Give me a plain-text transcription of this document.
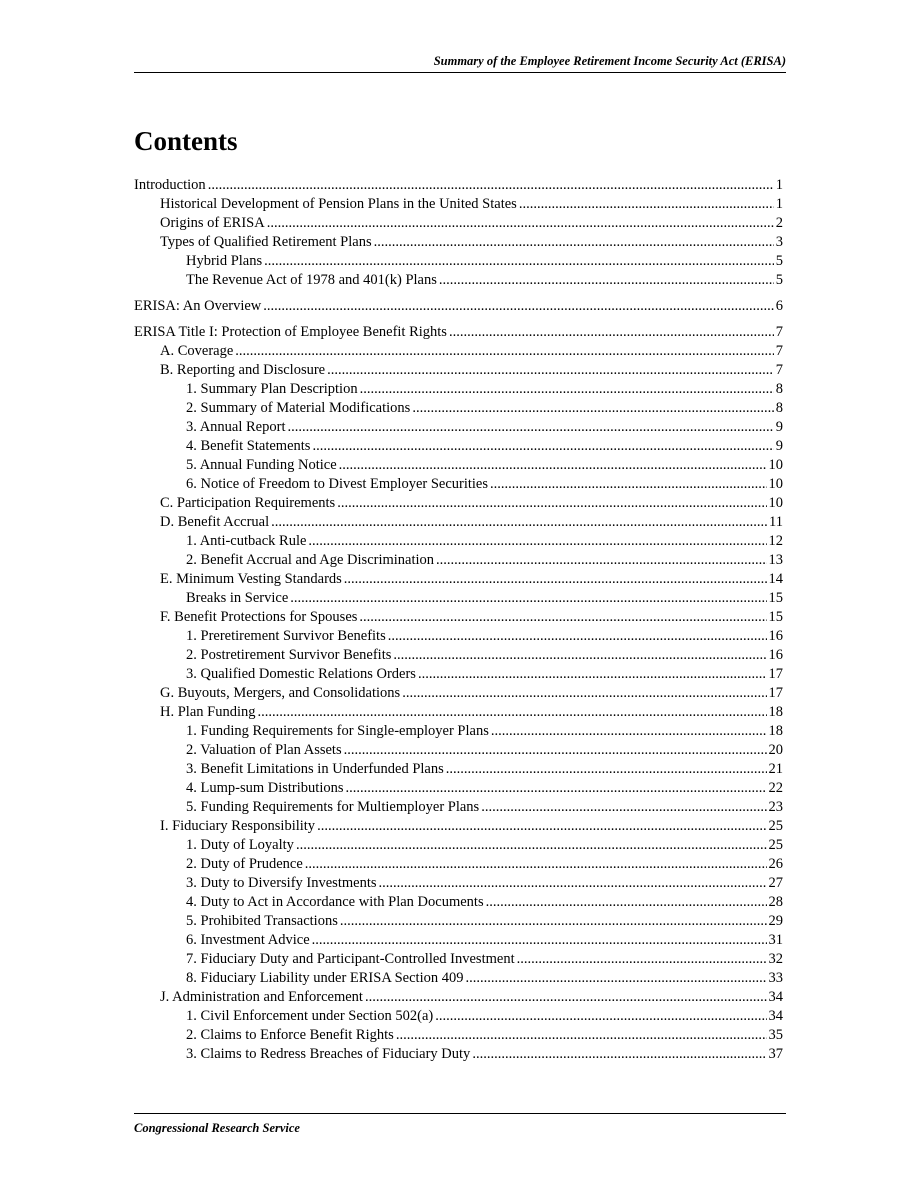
Summary of the Employee Retirement Income Security Act (ERISA)
Contents
Introduction .....	1
Historical Development of Pension Plans in the United States .....	1
Origins of ERISA .....	2
Types of Qualified Retirement Plans .....	3
Hybrid Plans .....	5
The Revenue Act of 1978 and 401(k) Plans .....	5
ERISA: An Overview .....	6
ERISA Title I: Protection of Employee Benefit Rights .....	7
A. Coverage .....	7
B. Reporting and Disclosure .....	7
1. Summary Plan Description .....	8
2. Summary of Material Modifications .....	8
3. Annual Report .....	9
4. Benefit Statements .....	9
5. Annual Funding Notice .....	10
6. Notice of Freedom to Divest Employer Securities .....	10
C. Participation Requirements .....	10
D. Benefit Accrual .....	11
1. Anti-cutback Rule .....	12
2. Benefit Accrual and Age Discrimination .....	13
E. Minimum Vesting Standards .....	14
Breaks in Service .....	15
F. Benefit Protections for Spouses .....	15
1. Preretirement Survivor Benefits .....	16
2. Postretirement Survivor Benefits .....	16
3. Qualified Domestic Relations Orders .....	17
G. Buyouts, Mergers, and Consolidations .....	17
H. Plan Funding .....	18
1. Funding Requirements for Single-employer Plans .....	18
2. Valuation of Plan Assets .....	20
3. Benefit Limitations in Underfunded Plans .....	21
4. Lump-sum Distributions .....	22
5. Funding Requirements for Multiemployer Plans .....	23
I. Fiduciary Responsibility .....	25
1. Duty of Loyalty .....	25
2. Duty of Prudence .....	26
3. Duty to Diversify Investments .....	27
4. Duty to Act in Accordance with Plan Documents .....	28
5. Prohibited Transactions .....	29
6. Investment Advice .....	31
7. Fiduciary Duty and Participant-Controlled Investment .....	32
8. Fiduciary Liability under ERISA Section 409 .....	33
J. Administration and Enforcement .....	34
1. Civil Enforcement under Section 502(a) .....	34
2. Claims to Enforce Benefit Rights .....	35
3. Claims to Redress Breaches of Fiduciary Duty .....	37
Congressional Research Service
